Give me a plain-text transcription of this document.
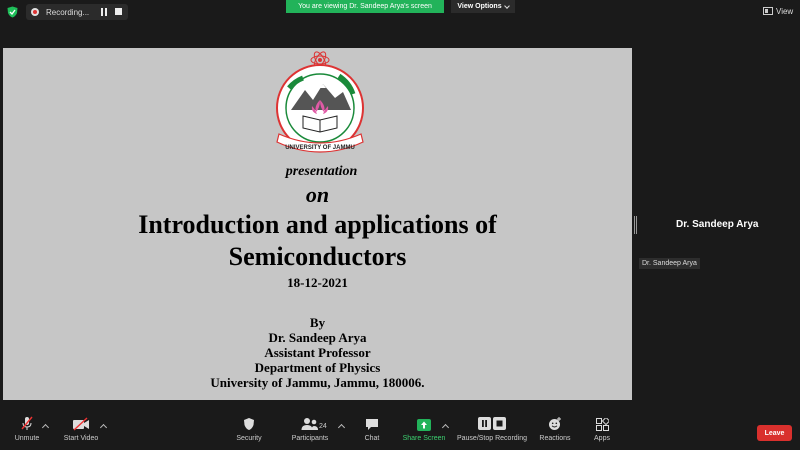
Recording...
You are viewing Dr. Sandeep Arya's screen	View Options	View
UNIVERSITY OF JAMMU
presentation
on
Introduction and applications of
Semiconductors
18-12-2021
By
Dr. Sandeep Arya
Assistant Professor
Department of Physics
University of Jammu, Jammu, 180006.
Dr. Sandeep Arya
Dr. Sandeep Arya
Unmute	Start Video	Security	Participants
24
Chat	Share Screen Pause/Stop Recording Reactions	Apps
Leave
